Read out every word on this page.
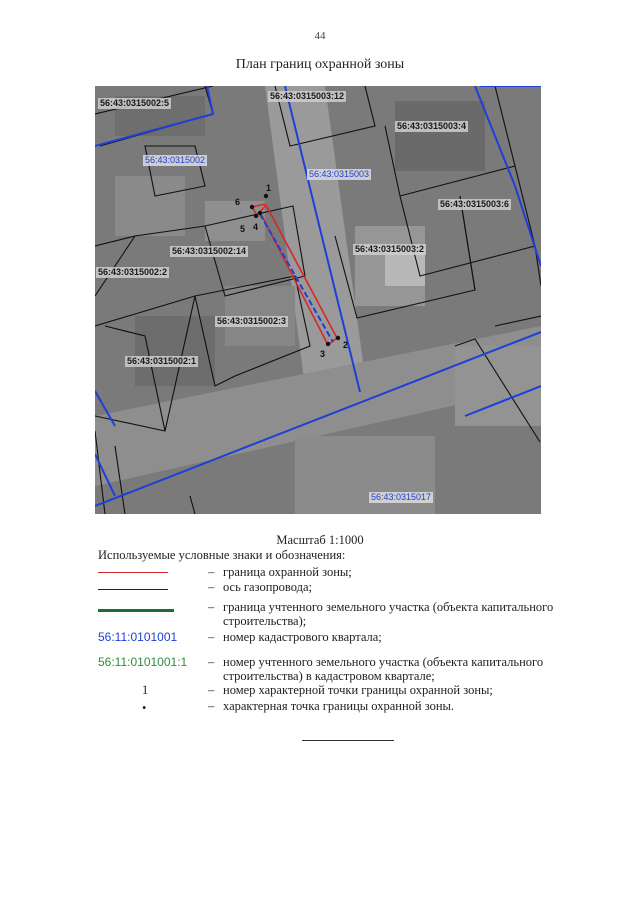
44
План границ охранной зоны
56:43:0315002:5
56:43:0315003:12
56:43:0315003:4
56:43:0315003:6
56:43:0315003:2
56:43:0315002:14
56:43:0315002:2
56:43:0315002:3
56:43:0315002:1
56:43:0315002
56:43:0315003
56:43:0315017
1
2
3
4
5
6
Масштаб 1:1000
Используемые условные знаки и обозначения:
– граница охранной зоны;
– ось газопровода;
– граница учтенного земельного участка (объекта капитального строительства);
56:11:0101001	– номер кадастрового квартала;
56:11:0101001:1	– номер учтенного земельного участка (объекта капитального строительства) в кадастровом квартале;
1	– номер характерной точки границы охранной зоны;
•	– характерная точка границы охранной зоны.
